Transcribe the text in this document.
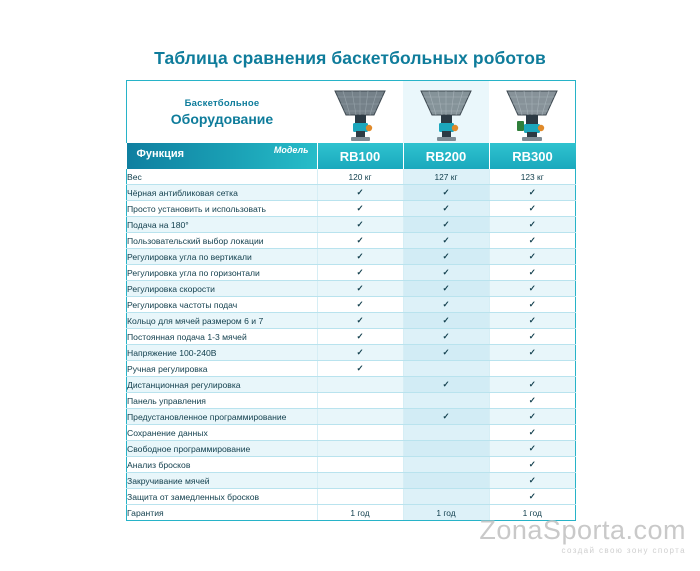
Таблица сравнения баскетбольных роботов
Баскетбольное
Оборудование

Функция Модель	RB100	RB200	RB300
Вес	120 кг	127 кг	123 кг
Чёрная антибликовая сетка	✓	✓	✓
Просто установить и использовать	✓	✓	✓
Подача на 180°	✓	✓	✓
Пользовательский выбор локации	✓	✓	✓
Регулировка угла по вертикали	✓	✓	✓
Регулировка угла по горизонтали	✓	✓	✓
Регулировка скорости	✓	✓	✓
Регулировка частоты подач	✓	✓	✓
Кольцо для мячей размером 6 и 7	✓	✓	✓
Постоянная подача 1-3 мячей	✓	✓	✓
Напряжение 100-240В	✓	✓	✓
Ручная регулировка	✓		
Дистанционная регулировка		✓	✓
Панель управления			✓
Предустановленное программирование		✓	✓
Сохранение данных			✓
Свободное программирование			✓
Анализ бросков			✓
Закручивание мячей			✓
Защита от замедленных бросков			✓
Гарантия	1 год	1 год	1 год
ZonaSporta.com
создай свою зону спорта
